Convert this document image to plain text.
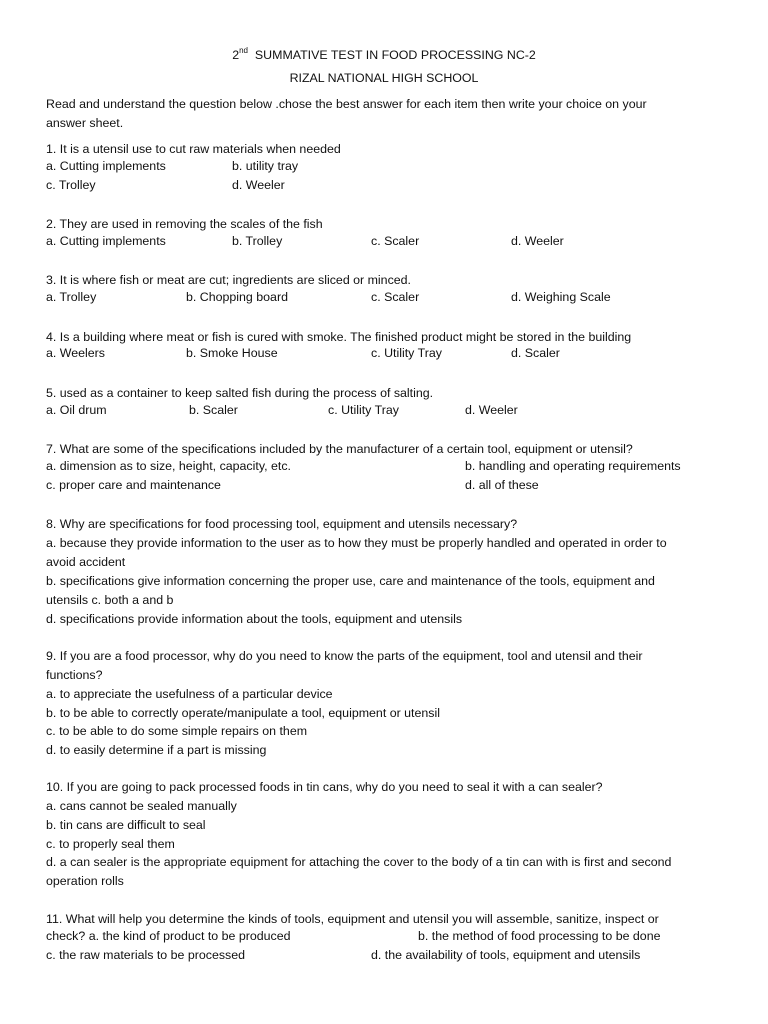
2nd SUMMATIVE TEST IN FOOD PROCESSING NC-2
RIZAL NATIONAL HIGH SCHOOL
Read and understand the question below .chose the best answer for each item then write your choice on your
answer sheet.
1. It is a utensil use to cut raw materials when needed
a. Cutting implements	b. utility tray
c. Trolley	d. Weeler
2. They are used in removing the scales of the fish
a. Cutting implements	b. Trolley	c. Scaler	d. Weeler
3. It is where fish or meat are cut; ingredients are sliced or minced.
a. Trolley	b. Chopping board	c. Scaler	d. Weighing Scale
4. Is a building where meat or fish is cured with smoke. The finished product might be stored in the building
a. Weelers	b. Smoke House	c. Utility Tray	d. Scaler
5. used as a container to keep salted fish during the process of salting.
a. Oil drum	b. Scaler	c. Utility Tray	d. Weeler
7. What are some of the specifications included by the manufacturer of a certain tool, equipment or utensil?
a. dimension as to size, height, capacity, etc.	b. handling and operating requirements
c. proper care and maintenance	d. all of these
8. Why are specifications for food processing tool, equipment and utensils necessary?
a. because they provide information to the user as to how they must be properly handled and operated in order to
avoid accident
b. specifications give information concerning the proper use, care and maintenance of the tools, equipment and
utensils c. both a and b
d. specifications provide information about the tools, equipment and utensils
9. If you are a food processor, why do you need to know the parts of the equipment, tool and utensil and their
functions?
a. to appreciate the usefulness of a particular device
b. to be able to correctly operate/manipulate a tool, equipment or utensil
c. to be able to do some simple repairs on them
d. to easily determine if a part is missing
10. If you are going to pack processed foods in tin cans, why do you need to seal it with a can sealer?
a. cans cannot be sealed manually
b. tin cans are difficult to seal
c. to properly seal them
d. a can sealer is the appropriate equipment for attaching the cover to the body of a tin can with is first and second
operation rolls
11. What will help you determine the kinds of tools, equipment and utensil you will assemble, sanitize, inspect or
check? a. the kind of product to be produced	b. the method of food processing to be done
c. the raw materials to be processed	d. the availability of tools, equipment and utensils
